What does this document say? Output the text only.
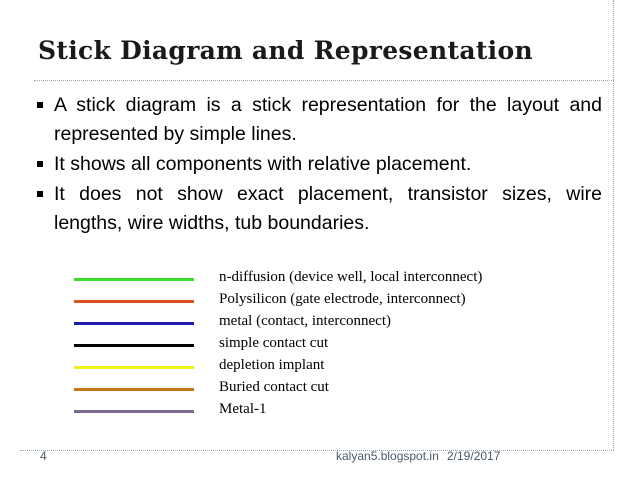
Stick Diagram and Representation
A stick diagram is a stick representation for the layout and represented by simple lines.
It shows all components with relative placement.
It does not show exact placement, transistor sizes, wire lengths, wire widths, tub boundaries.
n-diffusion (device well, local interconnect)
Polysilicon (gate electrode, interconnect)
metal (contact, interconnect)
simple contact cut
depletion implant
Buried contact cut
Metal-1
4	kalyan5.blogspot.in 2/19/2017
